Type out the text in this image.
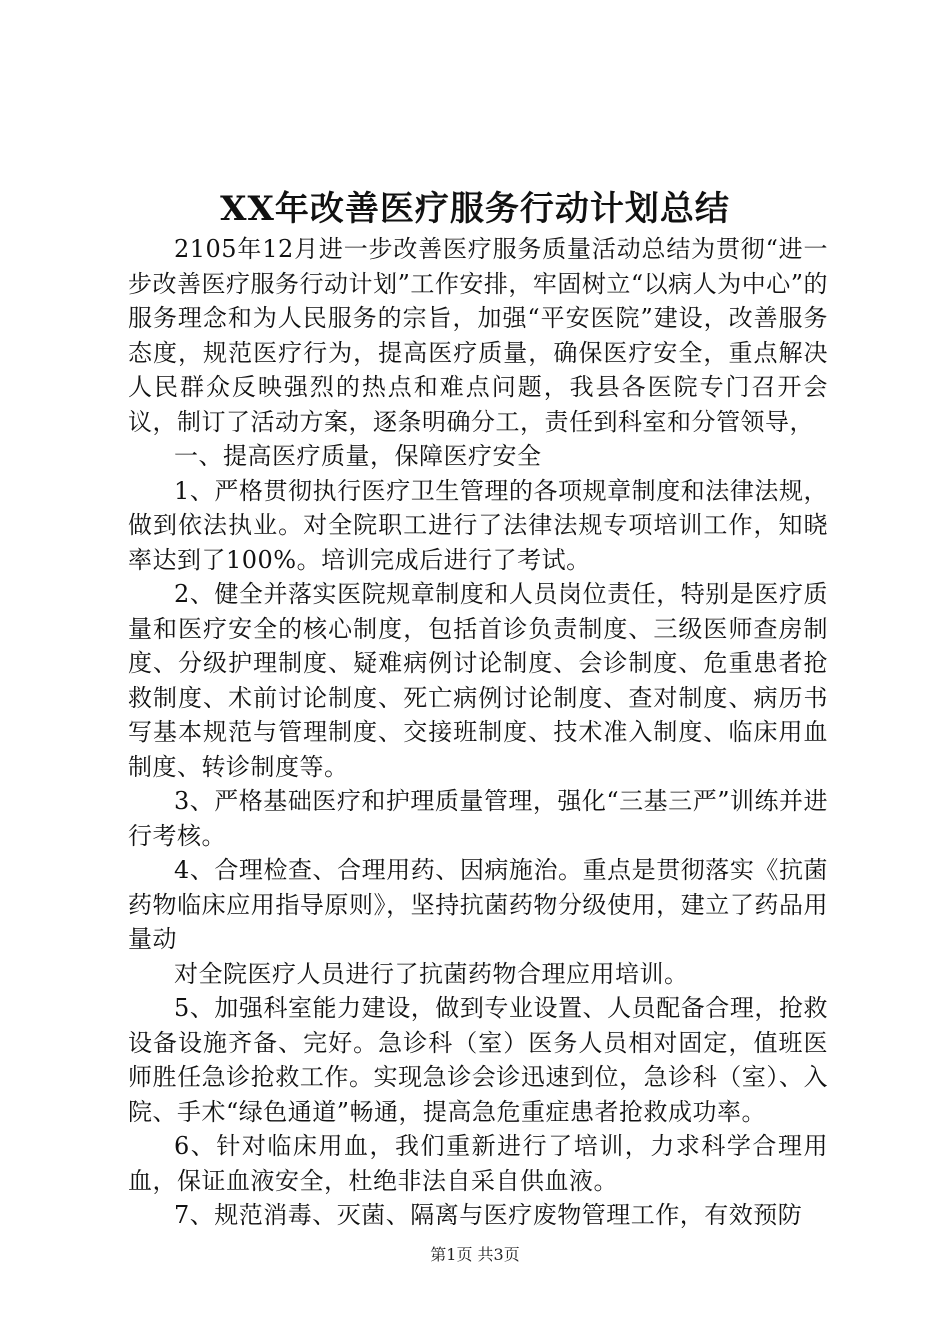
XX年改善医疗服务行动计划总结

2105年12月进一步改善医疗服务质量活动总结为贯彻“进一步改善医疗服务行动计划”工作安排，牢固树立“以病人为中心”的服务理念和为人民服务的宗旨，加强“平安医院”建设，改善服务态度，规范医疗行为，提高医疗质量，确保医疗安全，重点解决人民群众反映强烈的热点和难点问题，我县各医院专门召开会议，制订了活动方案，逐条明确分工，责任到科室和分管领导，

一、提高医疗质量，保障医疗安全

1、严格贯彻执行医疗卫生管理的各项规章制度和法律法规，做到依法执业。对全院职工进行了法律法规专项培训工作，知晓率达到了100%。培训完成后进行了考试。

2、健全并落实医院规章制度和人员岗位责任，特别是医疗质量和医疗安全的核心制度，包括首诊负责制度、三级医师查房制度、分级护理制度、疑难病例讨论制度、会诊制度、危重患者抢救制度、术前讨论制度、死亡病例讨论制度、查对制度、病历书写基本规范与管理制度、交接班制度、技术准入制度、临床用血制度、转诊制度等。

3、严格基础医疗和护理质量管理，强化“三基三严”训练并进行考核。

4、合理检查、合理用药、因病施治。重点是贯彻落实《抗菌药物临床应用指导原则》，坚持抗菌药物分级使用，建立了药品用量动

对全院医疗人员进行了抗菌药物合理应用培训。

5、加强科室能力建设，做到专业设置、人员配备合理，抢救设备设施齐备、完好。急诊科（室）医务人员相对固定，值班医师胜任急诊抢救工作。实现急诊会诊迅速到位，急诊科（室）、入院、手术“绿色通道”畅通，提高急危重症患者抢救成功率。

6、针对临床用血，我们重新进行了培训，力求科学合理用血，保证血液安全，杜绝非法自采自供血液。

7、规范消毒、灭菌、隔离与医疗废物管理工作，有效预防

第1页 共3页
